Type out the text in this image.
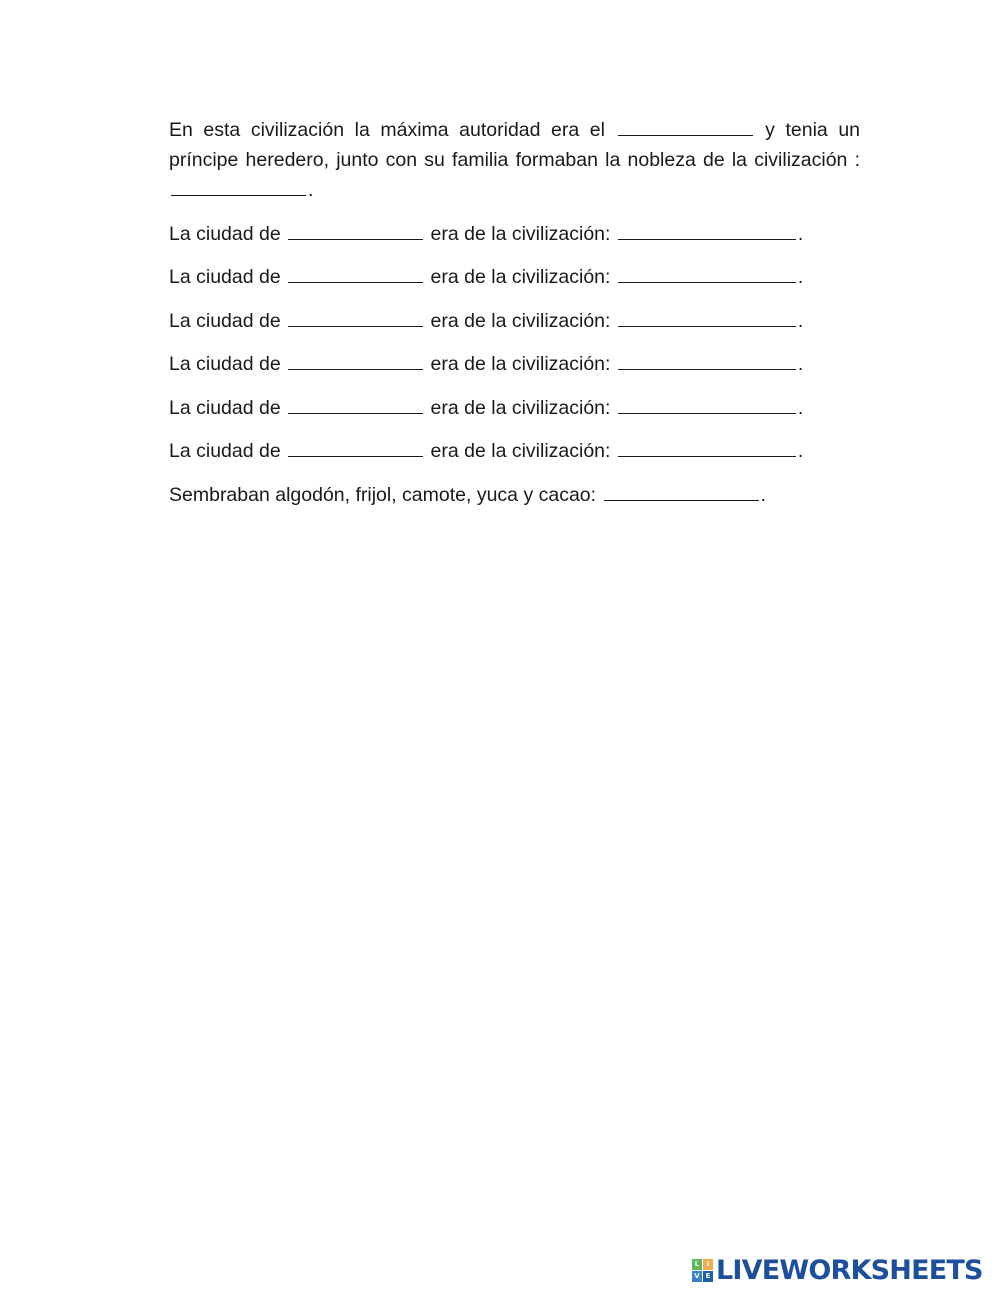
En esta civilización la máxima autoridad era el	y tenia un príncipe heredero, junto con su familia formaban la nobleza de la civilización : .

La ciudad de	era de la civilización:	.

La ciudad de	era de la civilización:	.

La ciudad de	era de la civilización:	.

La ciudad de	era de la civilización:	.

La ciudad de	era de la civilización:	.

La ciudad de	era de la civilización:	.

Sembraban algodón, frijol, camote, yuca y cacao:	.

L	I
V E LIVEWORKSHEETS
